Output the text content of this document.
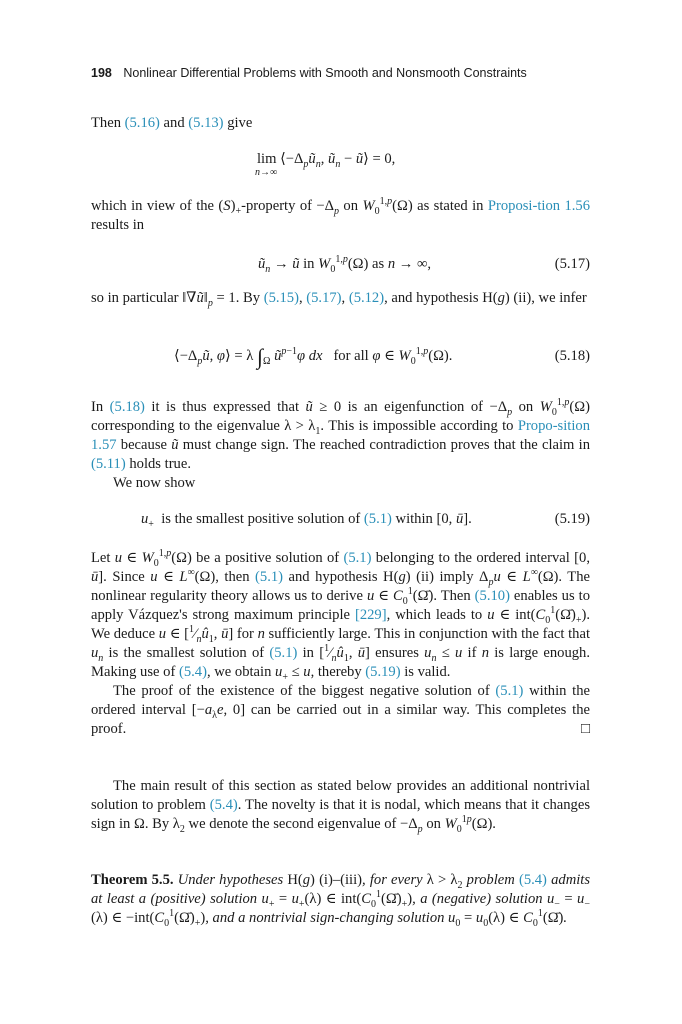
198 Nonlinear Differential Problems with Smooth and Nonsmooth Constraints
Then (5.16) and (5.13) give
$\lim ⟨-\Delta_pũ_n$, $ũ_n$ − ũ⟩ = 0,
n→∞
which in view of the $(S)_+$-property of $-\Delta_p$ on $W_0^{1,p}(\Omega)$ as stated in Proposi-tion 1.56 results in
$ũ_n$ → ũ in $W_0^{1,p}(\Omega)$ as n → ∞,	(5.17)
so in particular $‖\nabla ũ‖_p = 1$. By (5.15), (5.17), (5.12), and hypothesis H(g) (ii), we infer
$⟨-\Delta_pũ$, φ⟩ = λ $\int_\Omega$ $ũ^{p-1}\varphi$ dx   for all φ ∈ $W_0^{1,p}(\Omega)$.	(5.18)
In (5.18) it is thus expressed that ũ ≥ 0 is an eigenfunction of $-\Delta_p$ on $W_0^{1,p}(\Omega)$ corresponding to the eigenvalue $\lambda > \lambda_1$. This is impossible according to Propo-sition 1.57 because ũ must change sign. The reached contradiction proves that the claim in (5.11) holds true.
We now show
$u_+$  is the smallest positive solution of (5.1) within [0, ū].	(5.19)
Let u ∈ $W_0^{1,p}(\Omega)$ be a positive solution of (5.1) belonging to the ordered interval [0, ū]. Since u ∈ L∞(Ω), then (5.1) and hypothesis H(g) (ii) imply $\Delta_pu$ ∈ L∞(Ω). The nonlinear regularity theory allows us to derive u ∈ $C_0^1(\Omegā)$. Then (5.10) enables us to apply Vázquez's strong maximum principle [229], which leads to u ∈ $int(C_0^1(\Omegā)_+)$. We deduce u ∈ [$^1⁄_nû_1$, ū] for n sufficiently large. This in conjunction with the fact that $u_n$ is the smallest solution of (5.1) in [$^1⁄_nû_1$, ū] ensures $u_n \le u$ if n is large enough. Making use of (5.4), we obtain $u_+ \le u$, thereby (5.19) is valid.
The proof of the existence of the biggest negative solution of (5.1) within the ordered interval [$-a_\lambda e$, 0] can be carried out in a similar way. This completes the proof.	□
The main result of this section as stated below provides an additional nontrivial solution to problem (5.4). The novelty is that it is nodal, which means that it changes sign in Ω. By $\lambda_2$ we denote the second eigenvalue of $-\Delta_p$ on $W_0^{1p}(\Omega)$.
Theorem 5.5. Under hypotheses H(g) (i)–(iii), for every $\lambda > \lambda_2$ problem (5.4) admits at least a (positive) solution $u_+ = u_+(\lambda)$ ∈ $int(C_0^1(\Omegā)_+)$, a (negative) solution $u_- = u_-(\lambda)$ ∈ $-int(C_0^1(\Omegā)_+)$, and a nontrivial sign-changing solution $u_0 = u_0(\lambda)$ ∈ $C_0^1(\Omegā)$.
